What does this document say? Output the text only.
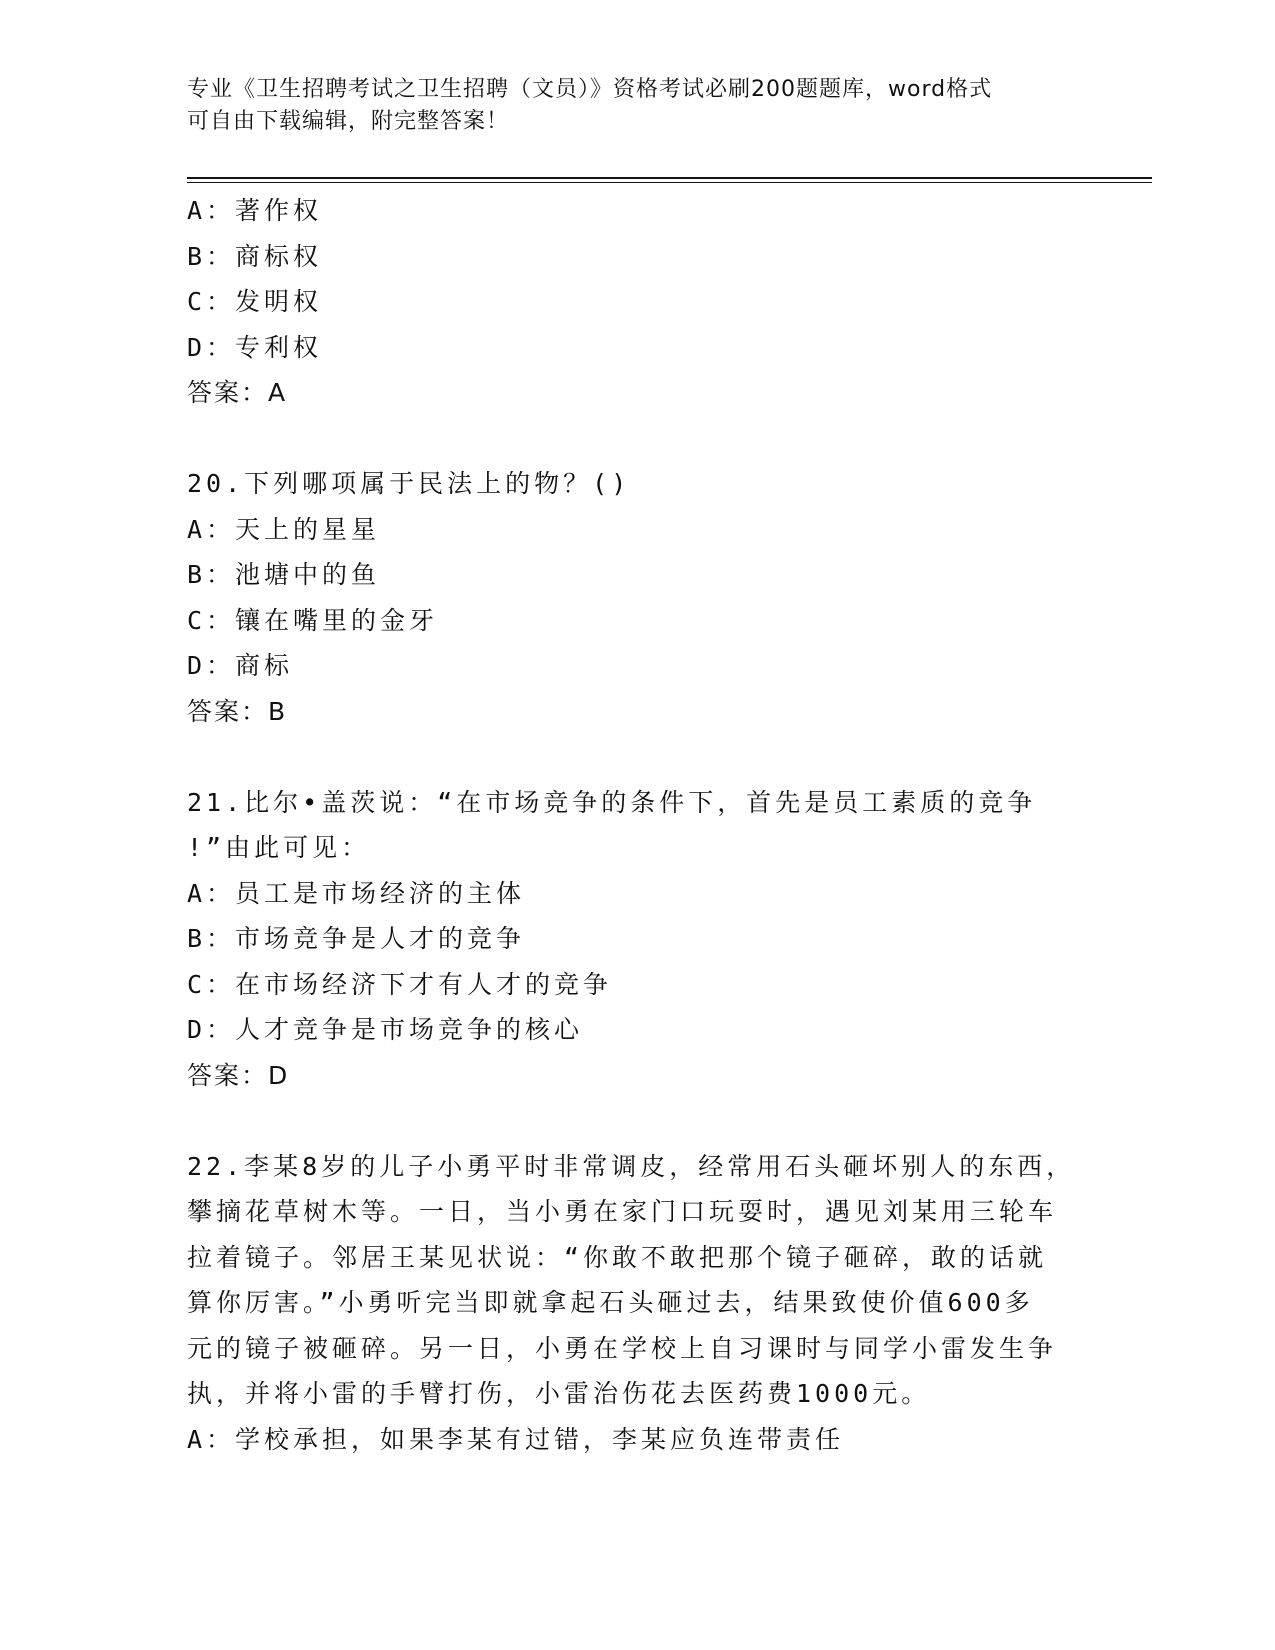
专业《卫生招聘考试之卫生招聘（文员）》资格考试必刷200题题库，word格式
可自由下载编辑，附完整答案！
A：著作权
B：商标权
C：发明权
D：专利权
答案：A
20.下列哪项属于民法上的物？()
A：天上的星星
B：池塘中的鱼
C：镶在嘴里的金牙
D：商标
答案：B
21.比尔•盖茨说：“在市场竞争的条件下，首先是员工素质的竞争
!”由此可见：
A：员工是市场经济的主体
B：市场竞争是人才的竞争
C：在市场经济下才有人才的竞争
D：人才竞争是市场竞争的核心
答案：D
22.李某8岁的儿子小勇平时非常调皮，经常用石头砸坏别人的东西，
攀摘花草树木等。一日，当小勇在家门口玩耍时，遇见刘某用三轮车
拉着镜子。邻居王某见状说：“你敢不敢把那个镜子砸碎，敢的话就
算你厉害。”小勇听完当即就拿起石头砸过去，结果致使价值600多
元的镜子被砸碎。另一日，小勇在学校上自习课时与同学小雷发生争
执，并将小雷的手臂打伤，小雷治伤花去医药费1000元。
A：学校承担，如果李某有过错，李某应负连带责任
